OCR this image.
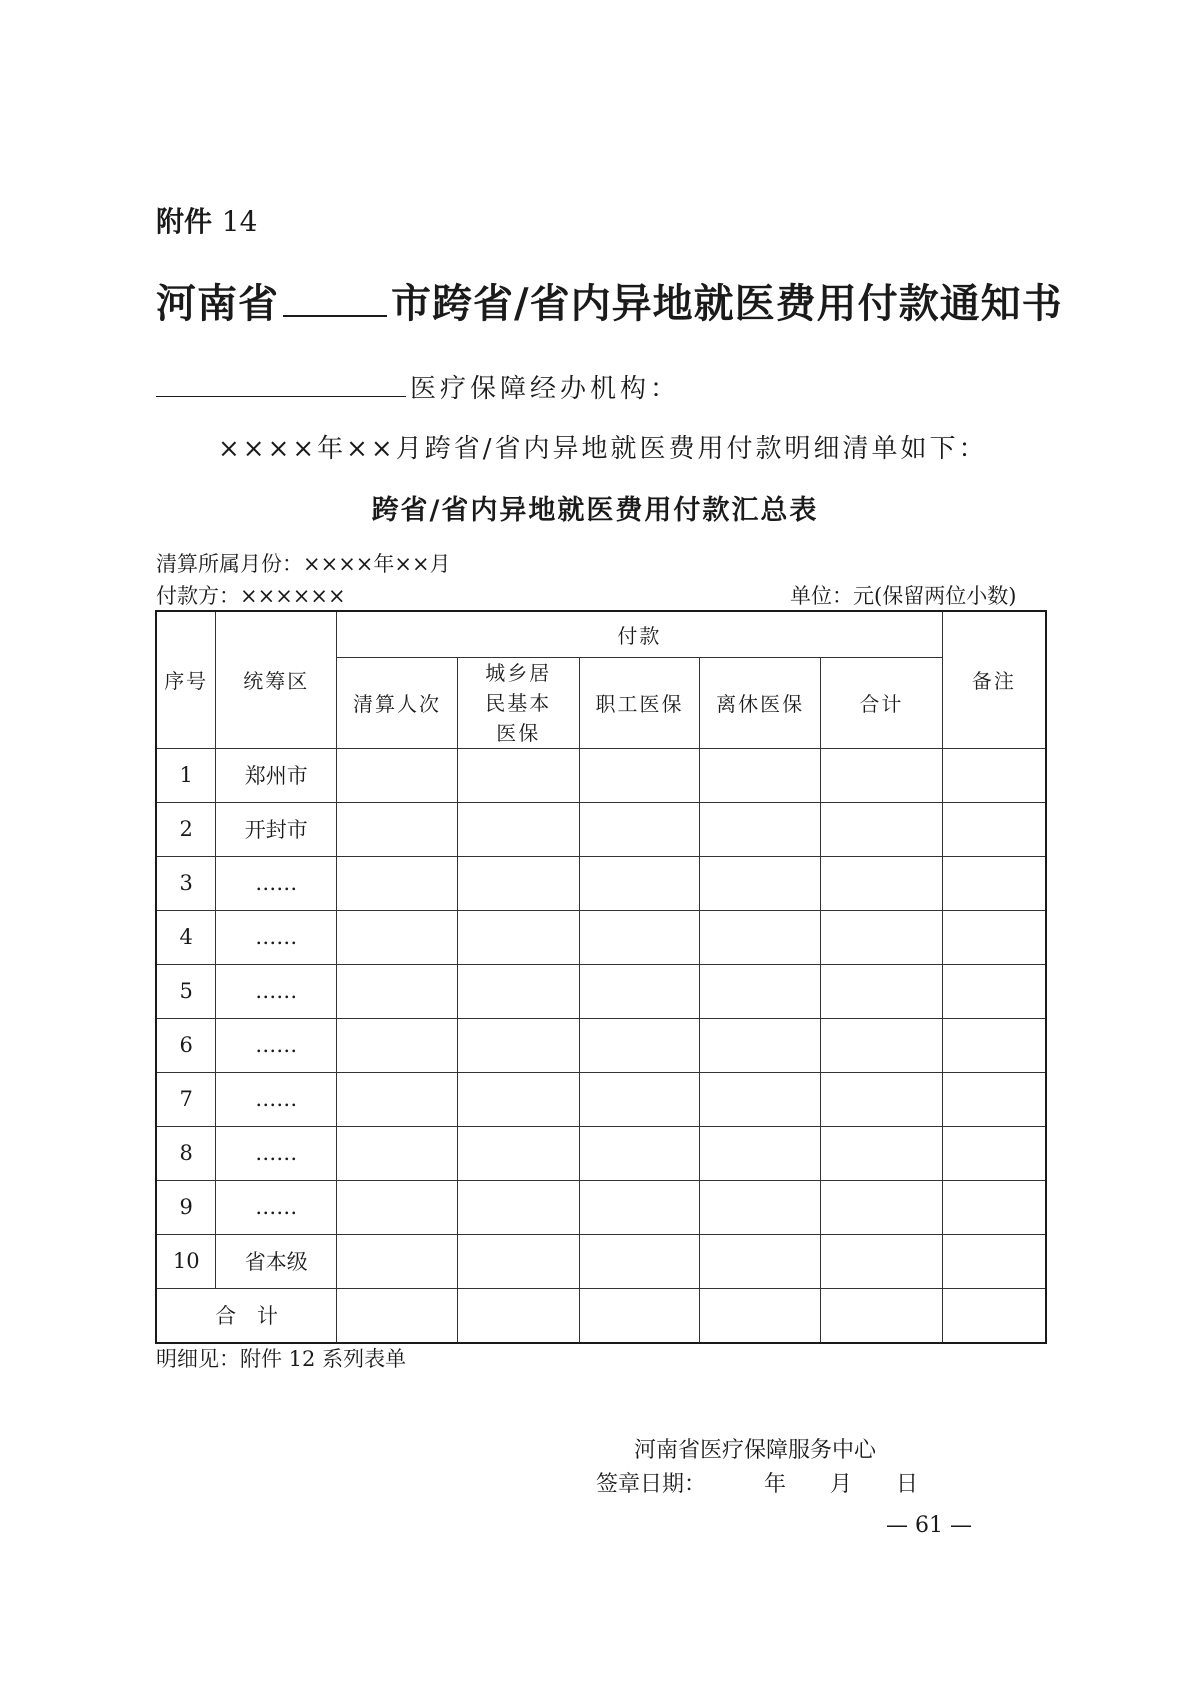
附件 14
河南省	市跨省/省内异地就医费用付款通知书
医疗保障经办机构：
××××年××月跨省/省内异地就医费用付款明细清单如下：
跨省/省内异地就医费用付款汇总表
清算所属月份：××××年××月
付款方：××××××	单位：元(保留两位小数)
序号	统筹区	付款					备注
		清算人次	城乡居民基本医保	职工医保	离休医保	合计	
1	郑州市						
2	开封市						
3	……						
4	……						
5	……						
6	……						
7	……						
8	……						
9	……						
10	省本级						
合　计							
明细见：附件 12 系列表单
河南省医疗保障服务中心
签章日期：	年 月 日
— 61 —
